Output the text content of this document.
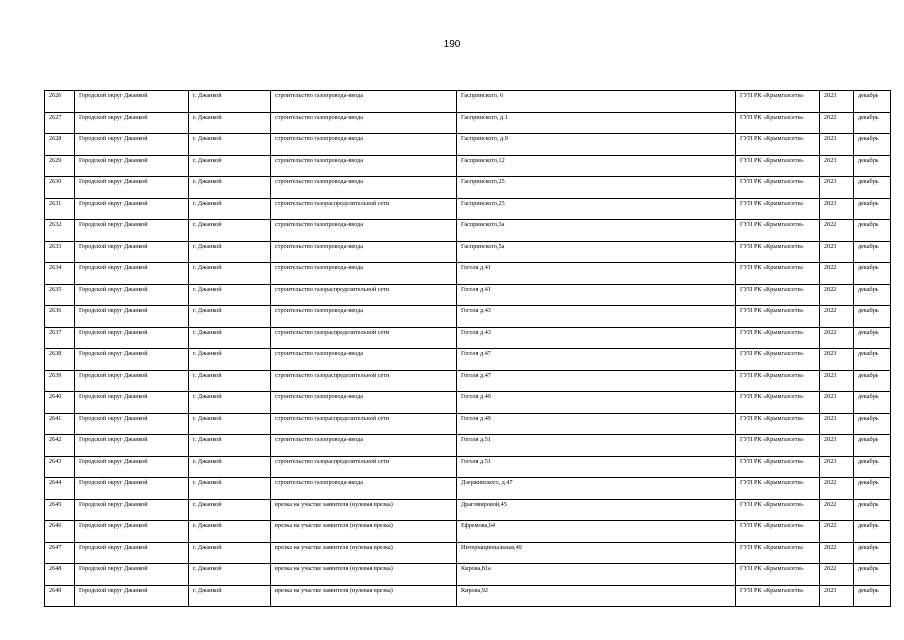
190
2626	Городской округ Джанкой	г. Джанкой	строительство газопровода-ввода	Гаспринского, 6	ГУП РК «Крымгазсети»	2023	декабрь
2627	Городской округ Джанкой	г. Джанкой	строительство газопровода-ввода	Гаспринского, д.1	ГУП РК «Крымгазсети»	2022	декабрь
2628	Городской округ Джанкой	г. Джанкой	строительство газопровода-ввода	Гаспринского, д.9	ГУП РК «Крымгазсети»	2023	декабрь
2629	Городской округ Джанкой	г. Джанкой	строительство газопровода-ввода	Гаспринского,12	ГУП РК «Крымгазсети»	2023	декабрь
2630	Городской округ Джанкой	г. Джанкой	строительство газопровода-ввода	Гаспринского,25	ГУП РК «Крымгазсети»	2023	декабрь
2631	Городской округ Джанкой	г. Джанкой	строительство газораспределительной сети	Гаспринского,25	ГУП РК «Крымгазсети»	2023	декабрь
2632	Городской округ Джанкой	г. Джанкой	строительство газопровода-ввода	Гаспринского,3а	ГУП РК «Крымгазсети»	2022	декабрь
2633	Городской округ Джанкой	г. Джанкой	строительство газопровода-ввода	Гаспринского,5а	ГУП РК «Крымгазсети»	2023	декабрь
2634	Городской округ Джанкой	г. Джанкой	строительство газопровода-ввода	Гоголя д.41	ГУП РК «Крымгазсети»	2022	декабрь
2635	Городской округ Джанкой	г. Джанкой	строительство газораспределительной сети	Гоголя д.41	ГУП РК «Крымгазсети»	2022	декабрь
2636	Городской округ Джанкой	г. Джанкой	строительство газопровода-ввода	Гоголя д.43	ГУП РК «Крымгазсети»	2022	декабрь
2637	Городской округ Джанкой	г. Джанкой	строительство газораспределительной сети	Гоголя д.43	ГУП РК «Крымгазсети»	2022	декабрь
2638	Городской округ Джанкой	г. Джанкой	строительство газопровода-ввода	Гоголя д.47	ГУП РК «Крымгазсети»	2023	декабрь
2639	Городской округ Джанкой	г. Джанкой	строительство газораспределительной сети	Гоголя д.47	ГУП РК «Крымгазсети»	2023	декабрь
2640	Городской округ Джанкой	г. Джанкой	строительство газопровода-ввода	Гоголя д.49	ГУП РК «Крымгазсети»	2023	декабрь
2641	Городской округ Джанкой	г. Джанкой	строительство газораспределительной сети	Гоголя д.49	ГУП РК «Крымгазсети»	2023	декабрь
2642	Городской округ Джанкой	г. Джанкой	строительство газопровода-ввода	Гоголя д.51	ГУП РК «Крымгазсети»	2023	декабрь
2643	Городской округ Джанкой	г. Джанкой	строительство газораспределительной сети	Гоголя д.51	ГУП РК «Крымгазсети»	2023	декабрь
2644	Городской округ Джанкой	г. Джанкой	строительство газопровода-ввода	Дзержинского, д.47	ГУП РК «Крымгазсети»	2022	декабрь
2645	Городской округ Джанкой	г. Джанкой	врезка на участке заявителя (нулевая врезка)	Драгомировой,45	ГУП РК «Крымгазсети»	2022	декабрь
2646	Городской округ Джанкой	г. Джанкой	врезка на участке заявителя (нулевая врезка)	Ефремова,64	ГУП РК «Крымгазсети»	2022	декабрь
2647	Городской округ Джанкой	г. Джанкой	врезка на участке заявителя (нулевая врезка)	Интернациональная,49	ГУП РК «Крымгазсети»	2022	декабрь
2648	Городской округ Джанкой	г. Джанкой	врезка на участке заявителя (нулевая врезка)	Кирова,81а	ГУП РК «Крымгазсети»	2022	декабрь
2649	Городской округ Джанкой	г. Джанкой	врезка на участке заявителя (нулевая врезка)	Кирова,92	ГУП РК «Крымгазсети»	2023	декабрь
